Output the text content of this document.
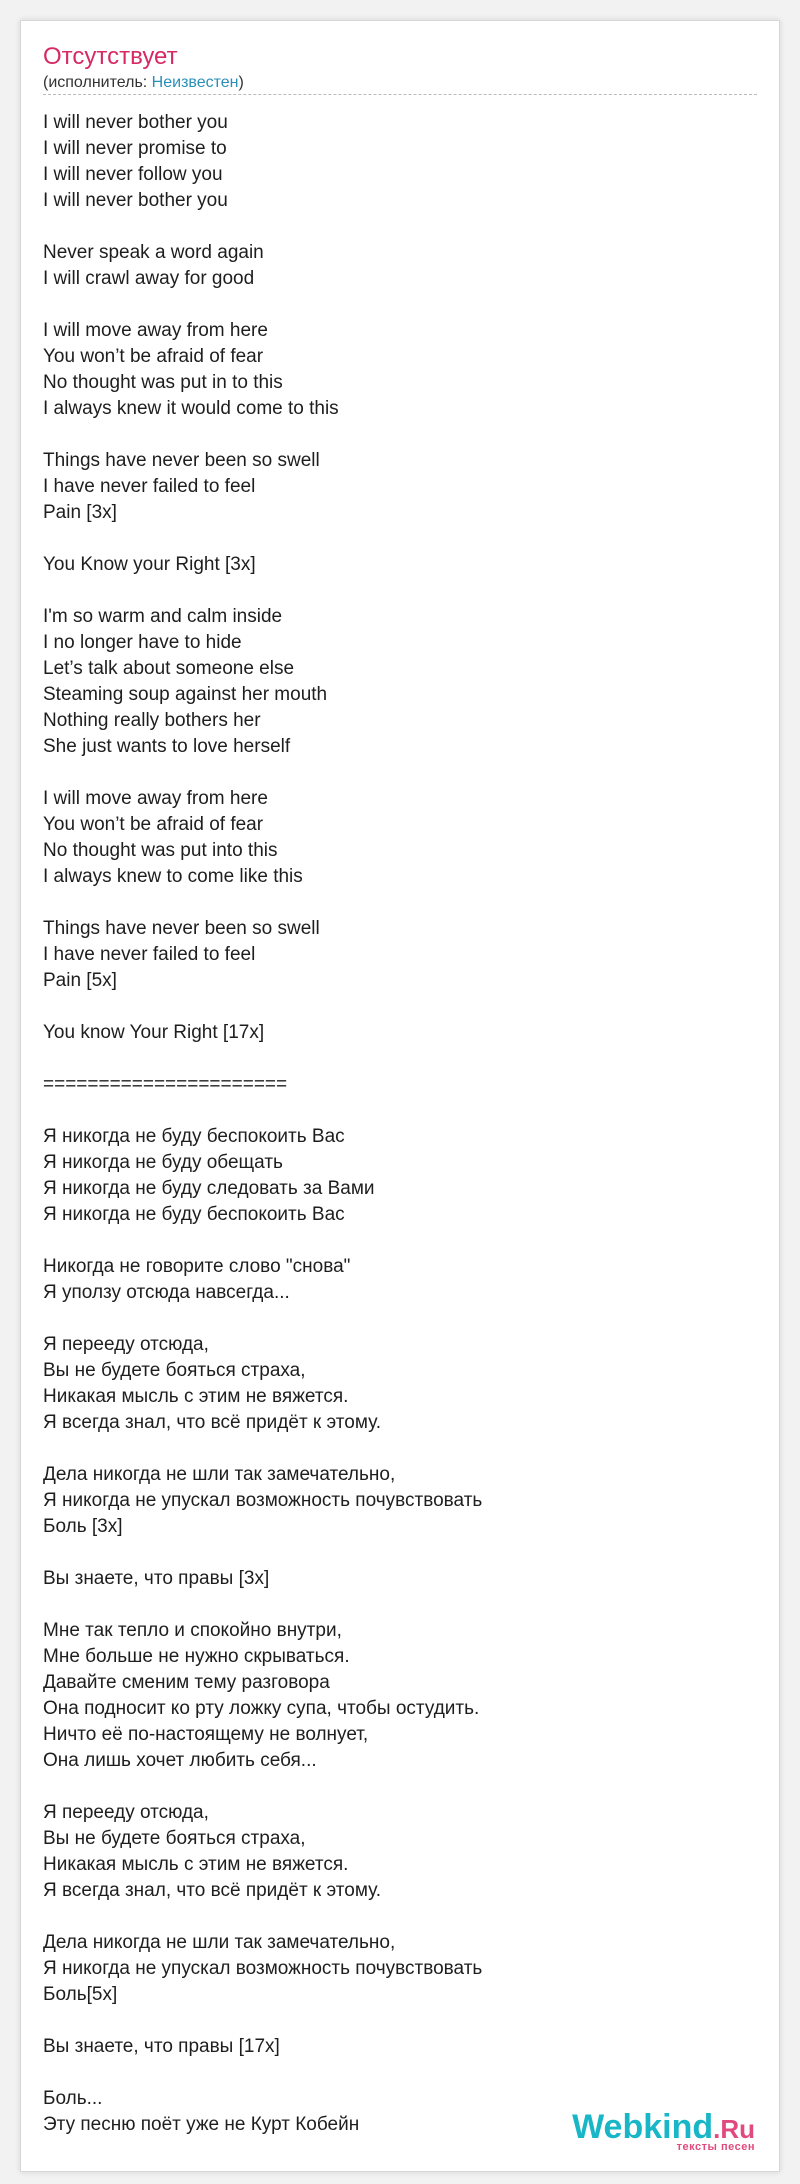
Отсутствует
(исполнитель: Неизвестен)
I will never bother you
I will never promise to
I will never follow you
I will never bother you
Never speak a word again
I will crawl away for good
I will move away from here
You won’t be afraid of fear
No thought was put in to this
I always knew it would come to this
Things have never been so swell
I have never failed to feel
Pain [3x]
You Know your Right [3x]
I'm so warm and calm inside
I no longer have to hide
Let’s talk about someone else
Steaming soup against her mouth
Nothing really bothers her
She just wants to love herself
I will move away from here
You won’t be afraid of fear
No thought was put into this
I always knew to come like this
Things have never been so swell
I have never failed to feel
Pain [5x]
You know Your Right [17x]
======================
Я никогда не буду беспокоить Вас
Я никогда не буду обещать
Я никогда не буду следовать за Вами
Я никогда не буду беспокоить Вас
Никогда не говорите слово "снова"
Я уползу отсюда навсегда...
Я перееду отсюда,
Вы не будете бояться страха,
Никакая мысль с этим не вяжется.
Я всегда знал, что всё придёт к этому.
Дела никогда не шли так замечательно,
Я никогда не упускал возможность почувствовать
Боль [3x]
Вы знаете, что правы [3x]
Мне так тепло и спокойно внутри,
Мне больше не нужно скрываться.
Давайте сменим тему разговора
Она подносит ко рту ложку супа, чтобы остудить.
Ничто её по-настоящему не волнует,
Она лишь хочет любить себя...
Я перееду отсюда,
Вы не будете бояться страха,
Никакая мысль с этим не вяжется.
Я всегда знал, что всё придёт к этому.
Дела никогда не шли так замечательно,
Я никогда не упускал возможность почувствовать
Боль[5x]
Вы знаете, что правы [17x]
Боль...
Эту песню поёт уже не Курт Кобейн	Webkind.Ru
тексты песен
